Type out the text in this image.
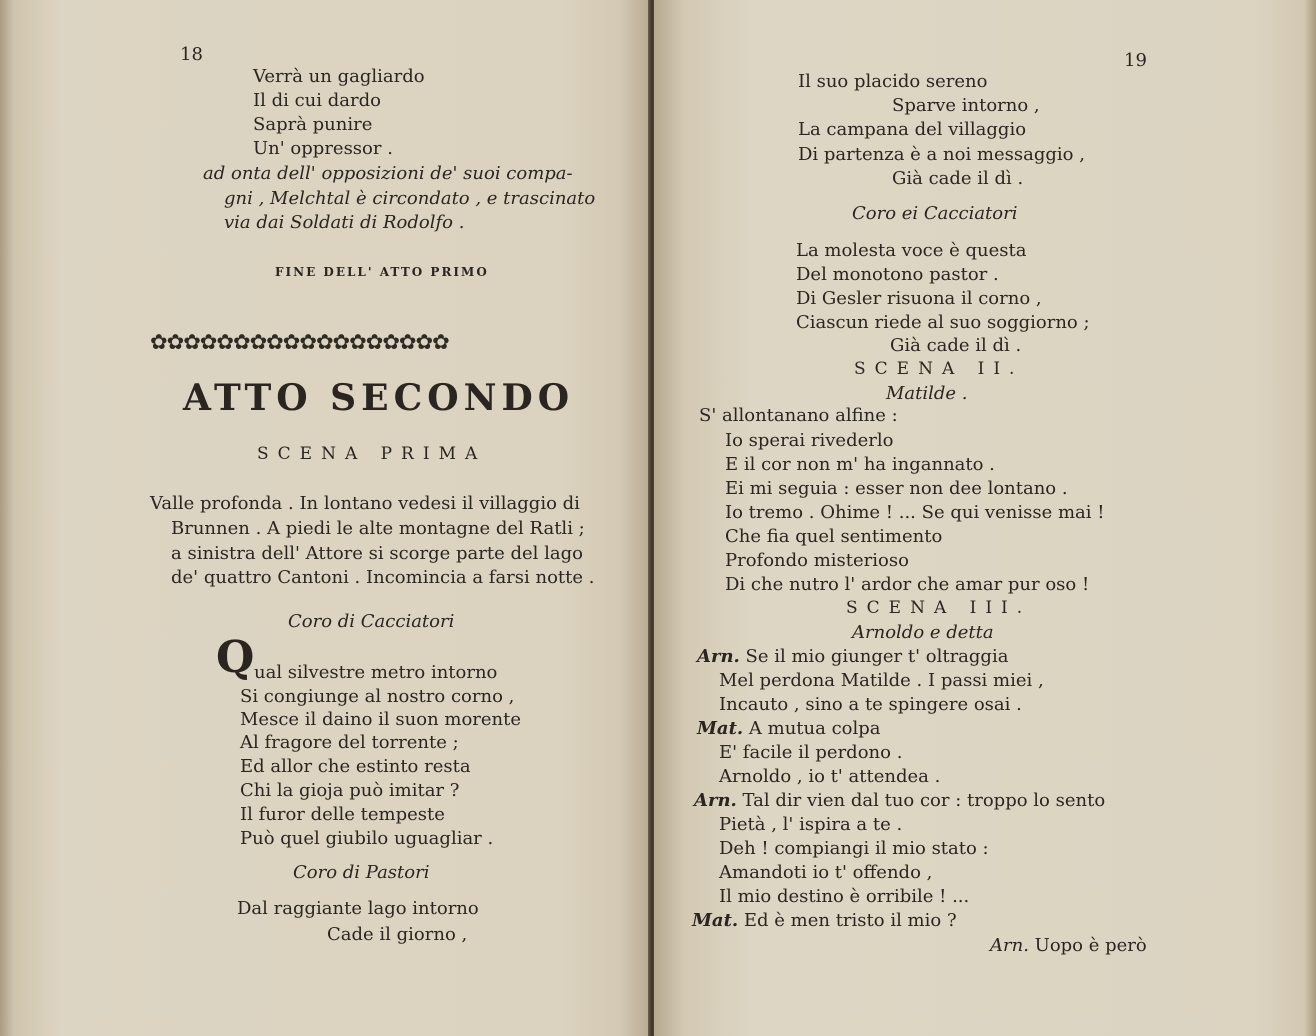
18
Verrà un gagliardo
Il di cui dardo
Saprà punire
Un' oppressor .
ad onta dell' opposizioni de' suoi compa-
gni , Melchtal è circondato , e trascinato
via dai Soldati di Rodolfo .
FINE DELL' ATTO PRIMO
✿✿✿✿✿✿✿✿✿✿✿✿✿✿✿✿✿✿
ATTO SECONDO
SCENA PRIMA
Valle profonda . In lontano vedesi il villaggio di
Brunnen . A piedi le alte montagne del Ratli ;
a sinistra dell' Attore si scorge parte del lago
de' quattro Cantoni . Incomincia a farsi notte .
Coro di Cacciatori
Q ual silvestre metro intorno
Si congiunge al nostro corno ,
Mesce il daino il suon morente
Al fragore del torrente ;
Ed allor che estinto resta
Chi la gioja può imitar ?
Il furor delle tempeste
Può quel giubilo uguagliar .
Coro di Pastori
Dal raggiante lago intorno
Cade il giorno ,
19
Il suo placido sereno
Sparve intorno ,
La campana del villaggio
Di partenza è a noi messaggio ,
Già cade il dì .
Coro ei Cacciatori
La molesta voce è questa
Del monotono pastor .
Di Gesler risuona il corno ,
Ciascun riede al suo soggiorno ;
Già cade il dì .
SCENA II.
Matilde .
S' allontanano alfine :
Io sperai rivederlo
E il cor non m' ha ingannato .
Ei mi seguia : esser non dee lontano .
Io tremo . Ohime ! ... Se qui venisse mai !
Che fia quel sentimento
Profondo misterioso
Di che nutro l' ardor che amar pur oso !
SCENA III.
Arnoldo e detta
Arn. Se il mio giunger t' oltraggia
Mel perdona Matilde . I passi miei ,
Incauto , sino a te spingere osai .
Mat. A mutua colpa
E' facile il perdono .
Arnoldo , io t' attendea .
Arn. Tal dir vien dal tuo cor : troppo lo sento
Pietà , l' ispira a te .
Deh ! compiangi il mio stato :
Amandoti io t' offendo ,
Il mio destino è orribile ! ...
Mat. Ed è men tristo il mio ?
Arn. Uopo è però
